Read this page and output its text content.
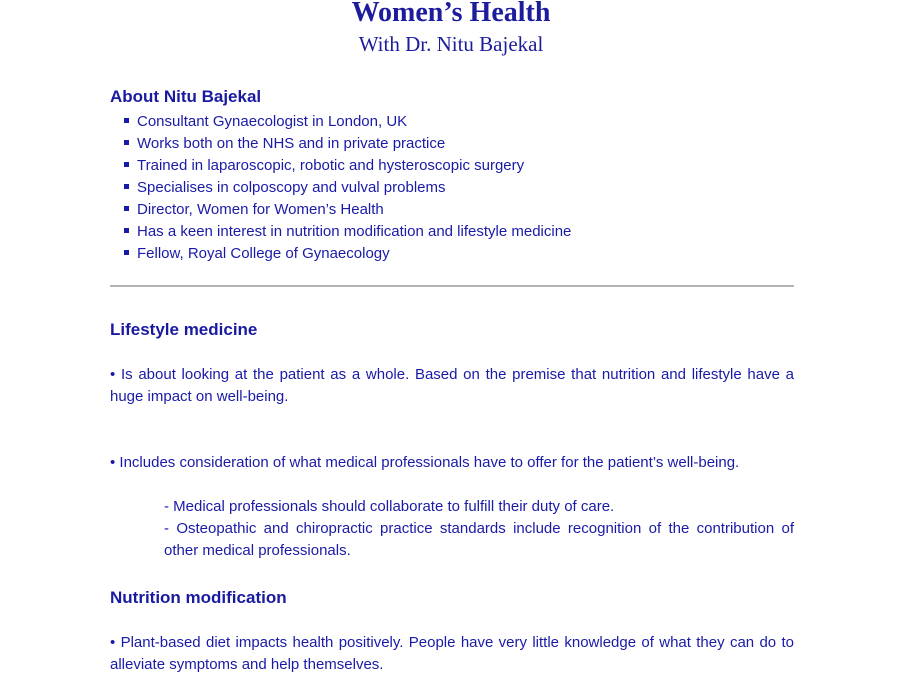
Women’s Health
With Dr. Nitu Bajekal
About Nitu Bajekal
Consultant Gynaecologist in London, UK
Works both on the NHS and in private practice
Trained in laparoscopic, robotic and hysteroscopic surgery
Specialises in colposcopy and vulval problems
Director, Women for Women’s Health
Has a keen interest in nutrition modification and lifestyle medicine
Fellow, Royal College of Gynaecology
Lifestyle medicine

• Is about looking at the patient as a whole. Based on the premise that nutrition and lifestyle have a huge impact on well-being.

• Includes consideration of what medical professionals have to offer for the patient’s well-being.

- Medical professionals should collaborate to fulfill their duty of care.

- Osteopathic and chiropractic practice standards include recognition of the contribution of other medical professionals.

Nutrition modification

• Plant-based diet impacts health positively. People have very little knowledge of what they can do to alleviate symptoms and help themselves.
